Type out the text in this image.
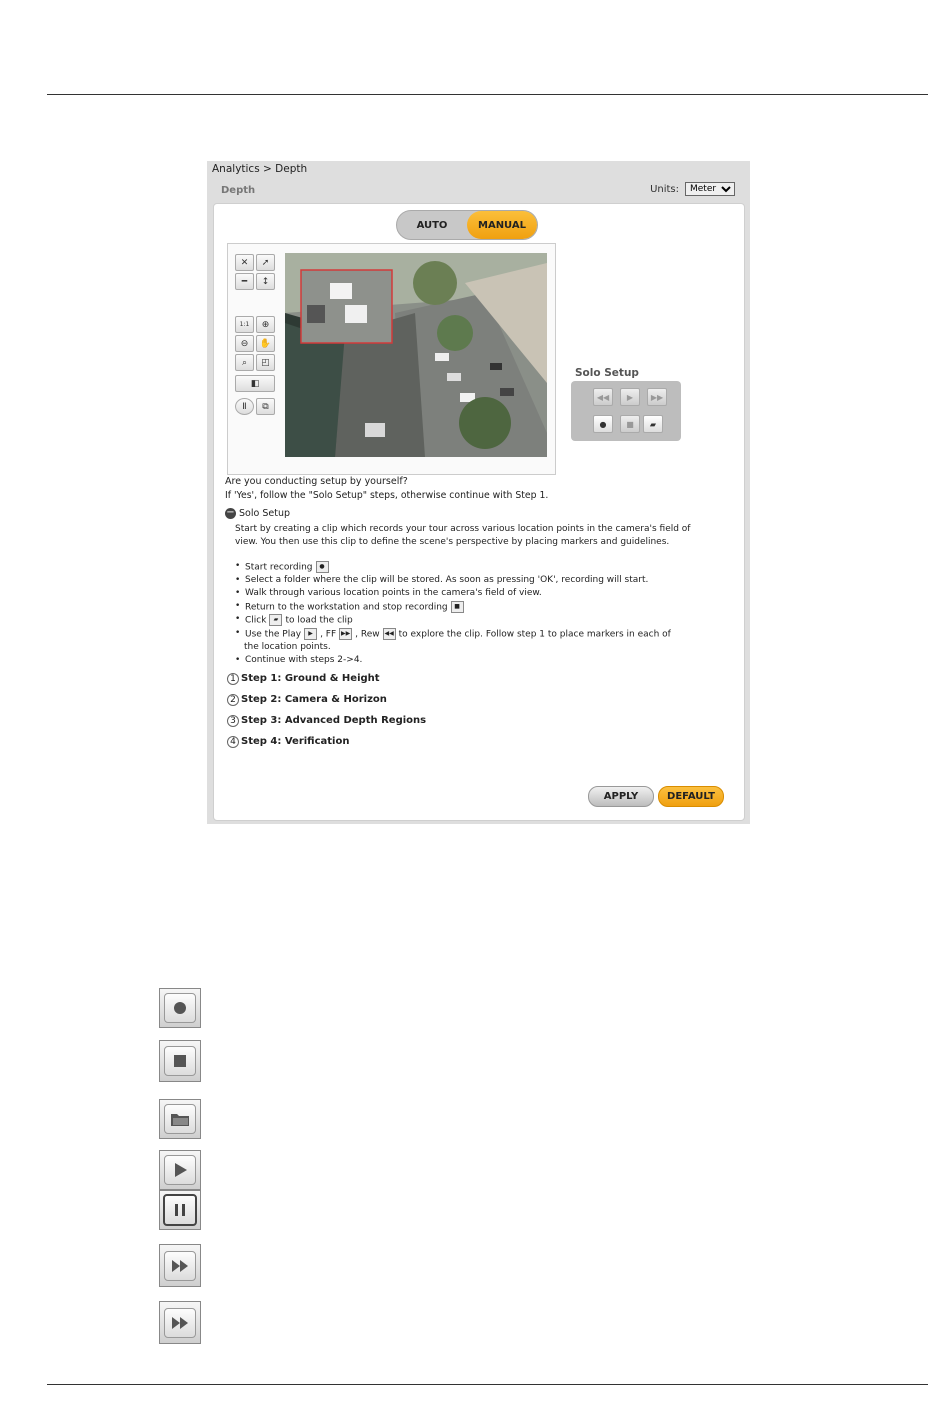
Analytics > Depth
Depth	Units:
Meter
AUTO	MANUAL
✕	➚
━	↕
1:1	⊕
⊖	✋
⌕	◰
◧
Ⅱ	⧉
Solo Setup
◀◀	▶	▶▶
●	■	▰
Are you conducting setup by yourself?
If 'Yes', follow the "Solo Setup" steps, otherwise continue with Step 1.
− Solo Setup
Start by creating a clip which records your tour across various location points in the camera's field of view. You then use this clip to define the scene's perspective by placing markers and guidelines.
• Start recording ●
• Select a folder where the clip will be stored. As soon as pressing 'OK', recording will start.
• Walk through various location points in the camera's field of view.
• Return to the workstation and stop recording ■
• Click ▰ to load the clip
• Use the Play ▶ , FF ▶▶ , Rew ◀◀ to explore the clip. Follow step 1 to place markers in each of
the location points.
• Continue with steps 2->4.
1 Step 1: Ground & Height
2 Step 2: Camera & Horizon
3 Step 3: Advanced Depth Regions
4 Step 4: Verification
APPLY	DEFAULT
